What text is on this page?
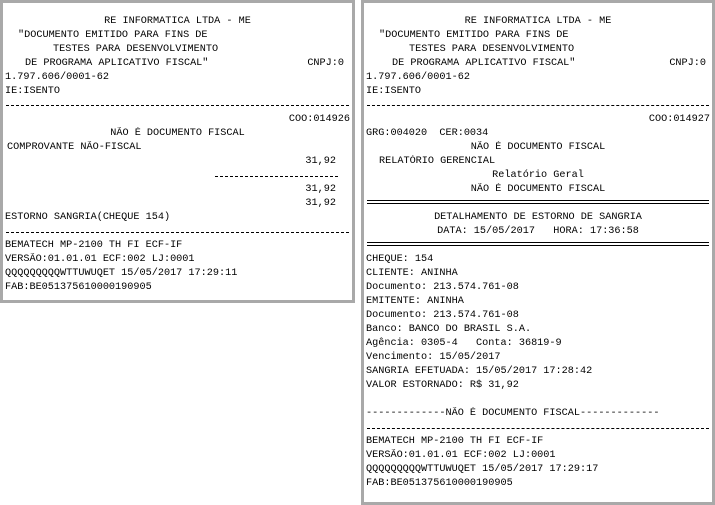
RE INFORMATICA LTDA - ME
"DOCUMENTO EMITIDO PARA FINS DE
TESTES PARA DESENVOLVIMENTO
DE PROGRAMA APLICATIVO FISCAL"	CNPJ:0
1.797.606/0001-62
IE:ISENTO

COO:014926

NÃO É DOCUMENTO FISCAL
COMPROVANTE NÃO-FISCAL

31,92

31,92

31,92

ESTORNO SANGRIA(CHEQUE 154)
BEMATECH MP-2100 TH FI ECF-IF
VERSÃO:01.01.01 ECF:002 LJ:0001
QQQQQQQQQWTTUWUQET 15/05/2017 17:29:11
FAB:BE051375610000190905
RE INFORMATICA LTDA - ME
"DOCUMENTO EMITIDO PARA FINS DE
TESTES PARA DESENVOLVIMENTO
DE PROGRAMA APLICATIVO FISCAL"	CNPJ:0
1.797.606/0001-62
IE:ISENTO

COO:014927

GRG:004020  CER:0034
NÃO É DOCUMENTO FISCAL
RELATÓRIO GERENCIAL
Relatório Geral
NÃO É DOCUMENTO FISCAL
DETALHAMENTO DE ESTORNO DE SANGRIA
DATA: 15/05/2017   HORA: 17:36:58
CHEQUE: 154
CLIENTE: ANINHA
Documento: 213.574.761-08
EMITENTE: ANINHA
Documento: 213.574.761-08
Banco: BANCO DO BRASIL S.A.
Agência: 0305-4   Conta: 36819-9
Vencimento: 15/05/2017
SANGRIA EFETUADA: 15/05/2017 17:28:42
VALOR ESTORNADO: R$ 31,92
-------------NÃO É DOCUMENTO FISCAL-------------
BEMATECH MP-2100 TH FI ECF-IF
VERSÃO:01.01.01 ECF:002 LJ:0001
QQQQQQQQQWTTUWUQET 15/05/2017 17:29:17
FAB:BE051375610000190905
